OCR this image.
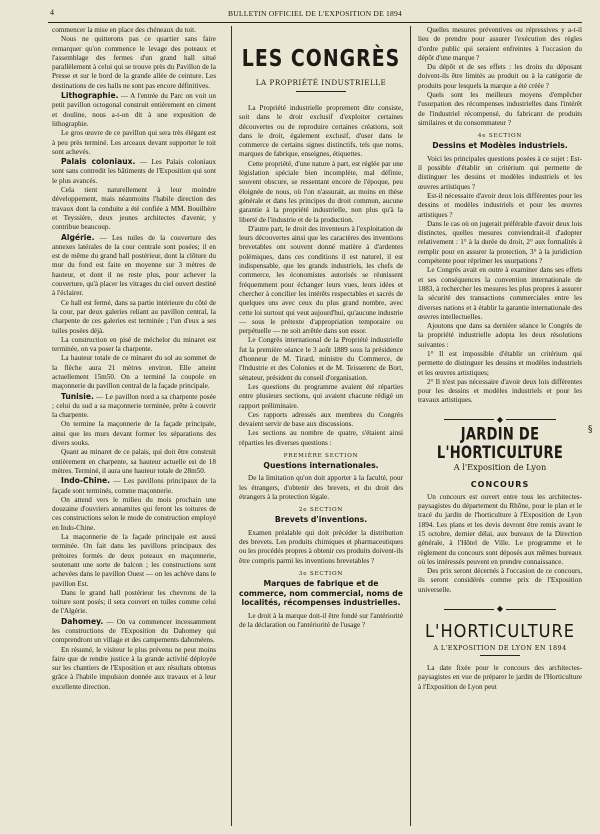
4	BULLETIN OFFICIEL DE L'EXPOSITION DE 1894

commencer la mise en place des chéneaux du toit.

Nous ne quitterons pas ce quartier sans faire remarquer qu'on commence le levage des poteaux et l'assemblage des fermes d'un grand hall situé parallèlement à celui qui se trouve près du Pavillon de la Presse et sur le bord de la grande allée de ceinture. Les destinations de ces halls ne sont pas encore définitives.

Lithographie. — A l'entrée du Parc on voit un petit pavillon octogonal construit entièrement en ciment et douline, nous a-t-on dit à une exposition de lithographie.

Le gros œuvre de ce pavillon qui sera très élégant est à peu près terminé. Les arceaux devant supporter le toit sont achevés.

Palais coloniaux. — Les Palais coloniaux sont sans contredit les bâtiments de l'Exposition qui sont le plus avancés.

Cela tient naturellement à leur moindre développement, mais néanmoins l'habile direction des travaux dont la conduite a été confiée à MM. Bouilhère et Teyssière, deux jeunes architectes d'avenir, y contribue beaucoup.

Algérie. — Les tuiles de la couverture des annexes latérales de la cour centrale sont posées; il en est de même du grand hall postérieur, dont la clôture du mur du fond est faite en moyenne sur 3 mètres de hauteur, et dont il ne reste plus, pour achever la couverture, qu'à placer les vitrages du ciel ouvert destiné à l'éclairer.

Ce hall est fermé, dans sa partie intérieure du côté de la cour, par deux galeries reliant au pavillon central, la charpente de ces galeries est terminée ; l'un d'eux a ses tuiles posées déjà.

La construction en pisé de méchelor du minaret est terminée, on va poser la charpente.

La hauteur totale de ce minaret du sol au sommet de la flèche aura 21 mètres environ. Elle atteint actuellement 15m50. On a terminé la coupole en maçonnerie du pavillon central de la façade principale.

Tunisie. — Le pavillon nord a sa charpente posée ; celui du sud a sa maçonnerie terminée, prête à couvrir la charpente.

On termine la maçonnerie de la façade principale, ainsi que les murs devant former les séparations des divers souks.

Quant au minaret de ce palais, qui doit être construit entièrement en charpente, sa hauteur actuelle est de 18 mètres. Terminé, il aura une hauteur totale de 28m50.

Indo-Chine. — Les pavillons principaux de la façade sont terminés, comme maçonnerie.

On attend vers le milieu du mois prochain une douzaine d'ouvriers annamites qui feront les toitures de ces constructions selon le mode de construction employé en Indo-Chine.

La maçonnerie de la façade principale est aussi terminée. On fait dans les pavillons principaux des prétoires formés de deux poteaux en maçonnerie, soutenant une sorte de balcon ; les constructions sont achevées dans le pavillon Ouest — on les achève dans le pavillon Est.

Dans le grand hall postérieur les chevrons de la toiture sont posés; il sera couvert en tuiles comme celui de l'Algérie.

Dahomey. — On va commencer incessamment les constructions de l'Exposition du Dahomey qui comprendront un village et des campements dahoméens.

En résumé, le visiteur le plus prévenu ne peut moins faire que de rendre justice à la grande activité déployée sur les chantiers de l'Exposition et aux résultats obtenus grâce à l'habile impulsion donnée aux travaux et à leur excellente direction.

LES CONGRÈS
LA PROPRIÉTÉ INDUSTRIELLE

La Propriété industrielle proprement dite consiste, soit dans le droit exclusif d'exploiter certaines découvertes ou de reproduire certaines créations, soit dans le droit, également exclusif, d'user dans le commerce de certains signes distinctifs, tels que noms, marques de fabrique, enseignes, étiquettes.

Cette propriété, d'une nature à part, est réglée par une législation spéciale bien incomplète, mal définie, souvent obscure, se ressentant encore de l'époque, peu éloignée de nous, où l'on n'assurait, au moins en thèse générale et dans les principes du droit commun, aucune garantie à la propriété industrielle, non plus qu'à la liberté de l'industrie et de la production.

D'autre part, le droit des inventeurs à l'exploitation de leurs découvertes ainsi que les caractères des inventions brevetables ont souvent donné matière à d'ardentes polémiques, dans ces conditions il est naturel, il est indispensable, que les grands industriels, les chefs de commerce, les économistes autorisés se réunissent fréquemment pour échanger leurs vues, leurs idées et chercher à concilier les intérêts respectables et sacrés de quelques uns avec ceux du plus grand nombre, avec cette loi surtout qui veut aujourd'hui, qu'aucune industrie — sous le prétexte d'appropriation temporaire ou perpétuelle — ne soit arrêtée dans son essor.

Le Congrès international de la Propriété industrielle fut la première séance le 3 août 1889 sous la présidence d'honneur de M. Tirard, ministre du Commerce, de l'Industrie et des Colonies et de M. Teisserenc de Bort, sénateur, président du conseil d'organisation.

Les questions du programme avaient été réparties entre plusieurs sections, qui avaient chacune rédigé un rapport préliminaire.

Ces rapports adressés aux membres du Congrès devaient servir de base aux discussions.

Les sections au nombre de quatre, s'étaient ainsi réparties les diverses questions :

PREMIÈRE SECTION
Questions internationales.

De la limitation qu'on doit apporter à la faculté, pour les étrangers, d'obtenir des brevets, et du droit des étrangers à la protection légale.

2e SECTION
Brevets d'inventions.

Examen préalable qui doit précéder la distribution des brevets. Les produits chimiques et pharmaceutiques ou les procédés propres à obtenir ces produits doivent-ils être compris parmi les inventions brevetables ?

3e SECTION
Marques de fabrique et de commerce, nom commercial, noms de localités, récompenses industrielles.

Le droit à la marque doit-il être fondé sur l'antériorité de la déclaration ou l'antériorité de l'usage ?

Quelles mesures préventives ou répressives y a-t-il lieu de prendre pour assurer l'exécution des règles d'ordre public qui seraient enfreintes à l'occasion du dépôt d'une marque ?

Du dépôt et de ses effets : les droits du déposant doivent-ils être limités au produit ou à la catégorie de produits pour lesquels la marque a été créée ?

Quels sont les meilleurs moyens d'empêcher l'usurpation des récompenses industrielles dans l'intérêt de l'industriel récompensé, du fabricant de produits similaires et du consommateur ?

4e SECTION
Dessins et Modèles industriels.

Voici les principales questions posées à ce sujet : Est-il possible d'établir un critérium qui permette de distinguer les dessins et modèles industriels et les œuvres artistiques ?

Est-il nécessaire d'avoir deux lois différentes pour les dessins et modèles industriels et pour les œuvres artistiques ?

Dans le cas où on jugerait préférable d'avoir deux lois distinctes, quelles mesures conviendrait-il d'adopter relativement : 1° à la durée du droit, 2° aux formalités à remplir pour en assurer la protection, 3° à la juridiction compétente pour réprimer les usurpations ?

Le Congrès avait en outre à examiner dans ses effets et ses conséquences la convention internationale de 1883, à rechercher les mesures les plus propres à assurer la sécurité des transactions commerciales entre les diverses nations et à établir la garantie internationale des œuvres intellectuelles.

Ajoutons que dans sa dernière séance le Congrès de la propriété industrielle adopta les deux résolutions suivantes :

1° Il est impossible d'établir un critérium qui permette de distinguer les dessins et modèles industriels et les œuvres artistiques;

2° Il n'est pas nécessaire d'avoir deux lois différentes pour les dessins et modèles industriels et pour les travaux artistiques.

◆
JARDIN DE L'HORTICULTURE
A l'Exposition de Lyon
CONCOURS

Un concours est ouvert entre tous les architectes-paysagistes du département du Rhône, pour le plan et le tracé du jardin de l'horticulture à l'Exposition de Lyon 1894. Les plans et les devis devront être remis avant le 15 octobre, dernier délai, aux bureaux de la Direction générale, à l'Hôtel de Ville. Le programme et le règlement du concours sont déposés aux mêmes bureaux où les intéressés peuvent en prendre connaissance.

Des prix seront décernés à l'occasion de ce concours, ils seront considérés comme prix de l'Exposition universelle.

◆
L'HORTICULTURE
A L'EXPOSITION DE LYON EN 1894

La date fixée pour le concours des architectes-paysagistes en vue de préparer le jardin de l'Horticulture à l'Exposition de Lyon peut

§
